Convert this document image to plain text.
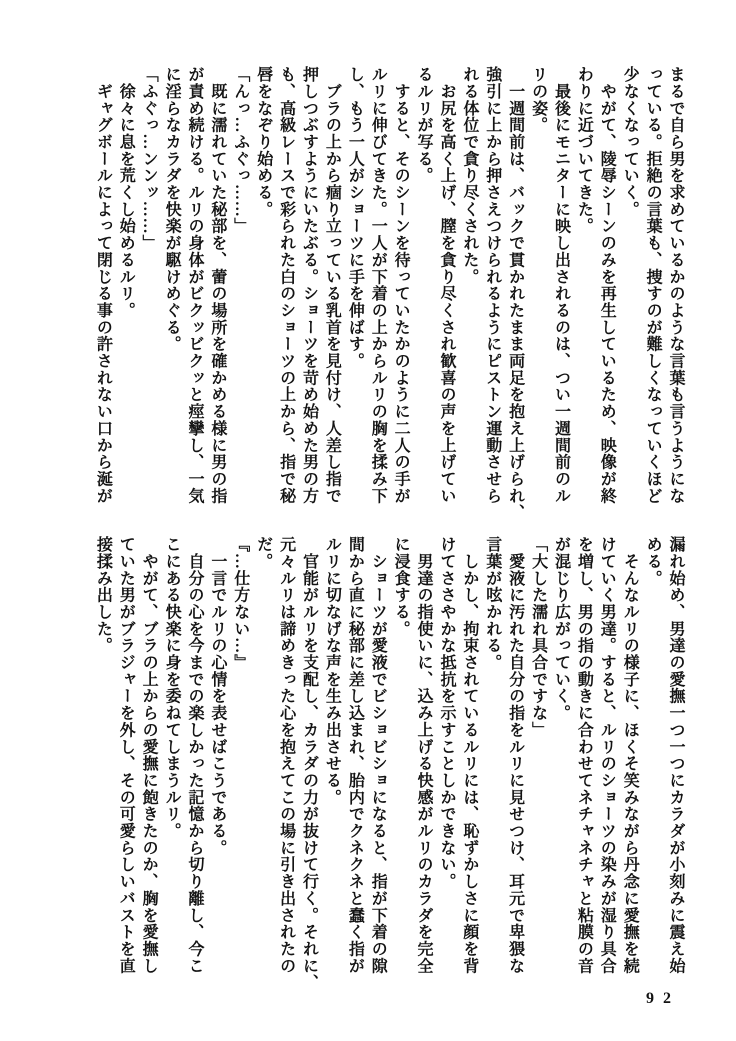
まるで自ら男を求めているかのような言葉も言うようにな
っている。拒絶の言葉も、捜すのが難しくなっていくほど
少なくなっていく。
　やがて、陵辱シーンのみを再生しているため、映像が終
わりに近づいてきた。
　最後にモニターに映し出されるのは、つい一週間前のル
リの姿。
　一週間前は、バックで貫かれたまま両足を抱え上げられ、
強引に上から押さえつけられるようにピストン運動させら
れる体位で貪り尽くされた。
　お尻を高く上げ、膣を貪り尽くされ歓喜の声を上げてい
るルリが写る。
　すると、そのシーンを待っていたかのように二人の手が
ルリに伸びてきた。一人が下着の上からルリの胸を揉み下
し、もう一人がショーツに手を伸ばす。
　ブラの上から痼り立っている乳首を見付け、人差し指で
押しつぶすようにいたぶる。ショーツを苛め始めた男の方
も、高級レースで彩られた白のショーツの上から、指で秘
唇をなぞり始める。
「んっ…ふぐっ……」
　既に濡れていた秘部を、蕾の場所を確かめる様に男の指
が責め続ける。ルリの身体がビクッビクッと痙攣し、一気
に淫らなカラダを快楽が駆けめぐる。
「ふぐっ…ンンッ……」
　徐々に息を荒くし始めるルリ。
　ギャグボールによって閉じる事の許されない口から涎が
漏れ始め、男達の愛撫一つ一つにカラダが小刻みに震え始
める。
　そんなルリの様子に、ほくそ笑みながら丹念に愛撫を続
けていく男達。すると、ルリのショーツの染みが湿り具合
を増し、男の指の動きに合わせてネチャネチャと粘膜の音
が混じり広がっていく。
「大した濡れ具合ですな」
　愛液に汚れた自分の指をルリに見せつけ、耳元で卑猥な
言葉が呟かれる。
　しかし、拘束されているルリには、恥ずかしさに顔を背
けてささやかな抵抗を示すことしかできない。
　男達の指使いに、込み上げる快感がルリのカラダを完全
に浸食する。
　ショーツが愛液でビショビショになると、指が下着の隙
間から直に秘部に差し込まれ、胎内でクネクネと蠢く指が
ルリに切なげな声を生み出させる。
　官能がルリを支配し、カラダの力が抜けて行く。それに、
元々ルリは諦めきった心を抱えてこの場に引き出されたの
だ。
『…仕方ない…』
　一言でルリの心情を表せばこうである。
　自分の心を今までの楽しかった記憶から切り離し、今こ
こにある快楽に身を委ねてしまうルリ。
　やがて、ブラの上からの愛撫に飽きたのか、胸を愛撫し
ていた男がブラジャーを外し、その可愛らしいバストを直
接揉み出した。
92
